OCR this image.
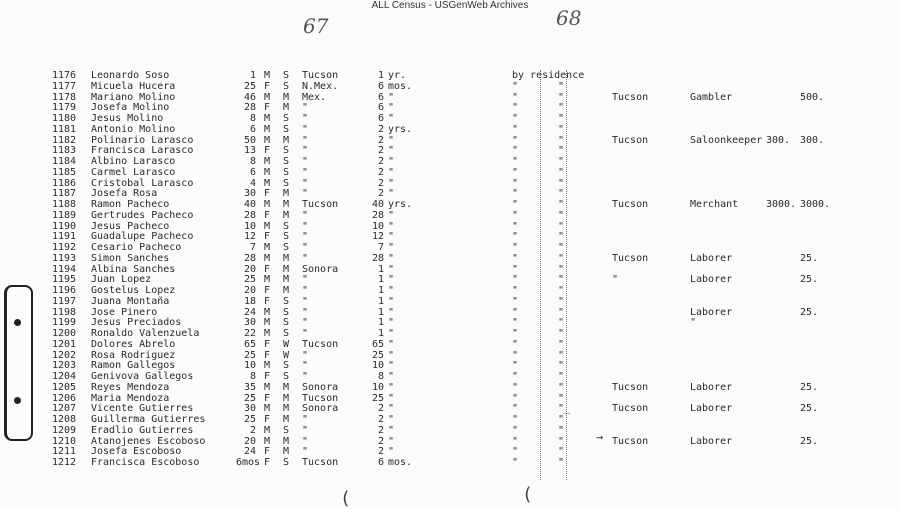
ALL Census - USGenWeb Archives
67	68
1176 Leonardo Soso	1 M S Tucson	1 yr.	by residence
1177 Micuela Hucera	25 F S N.Mex.	6 mos.	"	"
1178 Mariano Molino	46 M M Mex.	6 "	"	"	Tucson	Gambler	500.
1179 Josefa Molino	28 F M "	6 "	"	"
1180 Jesus Molino	8 M S "	6 "	"	"
1181 Antonio Molino	6 M S "	2 yrs.	"	"
1182 Polinario Larasco	50 M M "	2 "	"	"	Tucson	Saloonkeeper 300. 300.
1183 Francisca Larasco	13 F S "	2 "	"	"
1184 Albino Larasco	8 M S "	2 "	"	"
1185 Carmel Larasco	6 M S "	2 "	"	"
1186 Cristobal Larasco	4 M S "	2 "	"	"
1187 Josefa Rosa	30 F M "	2 "	"	"
1188 Ramon Pacheco	40 M M Tucson	40 yrs.	"	"	Tucson	Merchant	3000. 3000.
1189 Gertrudes Pacheco	28 F M "	28 "	"	"
1190 Jesus Pacheco	10 M S "	10 "	"	"
1191 Guadalupe Pacheco	12 F S "	12 "	"	"
1192 Cesario Pacheco	7 M S "	7 "	"	"
1193 Simon Sanches	28 M M "	28 "	"	"	Tucson	Laborer	25.
1194 Albina Sanches	20 F M Sonora	1 "	"	"
1195 Juan Lopez	25 M M "	1 "	"	"	"	Laborer	25.
1196 Gostelus Lopez	20 F M "	1 "	"	"
1197 Juana Montaña	18 F S "	1 "	"	"
1198 Jose Pinero	24 M S "	1 "	"	"	Laborer	25.
1199 Jesus Preciados	30 M S "	1 "	"	"	"
1200 Ronaldo Valenzuela	22 M S "	1 "	"	"
1201 Dolores Abrelo	65 F W Tucson	65 "	"	"
1202 Rosa Rodriguez	25 F W "	25 "	"	"
1203 Ramon Gallegos	10 M S "	10 "	"	"
1204 Genivova Gallegos	8 F S "	8 "	"	"
1205 Reyes Mendoza	35 M M Sonora	10 "	"	"	Tucson	Laborer	25.
1206 Maria Mendoza	25 F M Tucson	25 "	"	"
1207 Vicente Gutierres	30 M M Sonora	2 "	"	"_	Tucson	Laborer	25.
1208 Guillerma Gutierres	25 F M "	2 "	"	"
1209 Eradlio Gutierres	2 M S "	2 "	"	"
1210 Atanojenes Escoboso	20 M M "	2 "	"	"	Tucson	Laborer	25.
1211 Josefa Escoboso	24 F M "	2 "	"	"
1212 Francisca Escoboso	6mos F S Tucson	6 mos.	"	"
(	(
→
